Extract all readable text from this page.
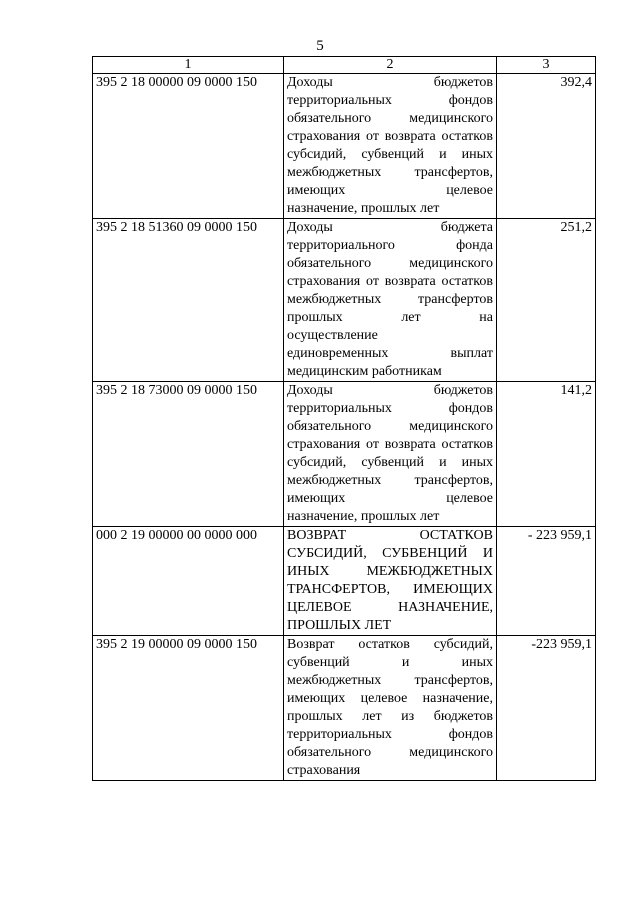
5
1	2	3
395 2 18 00000 09 0000 150	Доходы бюджетов территориальных фондов обязательного медицинского страхования от возврата остатков субсидий, субвенций и иных межбюджетных трансфертов, имеющих целевое
назначение, прошлых лет	392,4
395 2 18 51360 09 0000 150	Доходы бюджета территориального фонда обязательного медицинского страхования от возврата остатков межбюджетных трансфертов прошлых лет на
осуществление
единовременных выплат
медицинским работникам	251,2
395 2 18 73000 09 0000 150	Доходы бюджетов территориальных фондов обязательного медицинского страхования от возврата остатков субсидий, субвенций и иных межбюджетных трансфертов, имеющих целевое
назначение, прошлых лет	141,2
000 2 19 00000 00 0000 000	ВОЗВРАТ ОСТАТКОВ СУБСИДИЙ, СУБВЕНЦИЙ И ИНЫХ МЕЖБЮДЖЕТНЫХ ТРАНСФЕРТОВ, ИМЕЮЩИХ ЦЕЛЕВОЕ НАЗНАЧЕНИЕ,
ПРОШЛЫХ ЛЕТ	- 223 959,1
395 2 19 00000 09 0000 150	Возврат остатков субсидий, субвенций и иных межбюджетных трансфертов, имеющих целевое назначение, прошлых лет из бюджетов территориальных фондов обязательного медицинского
страхования	-223 959,1
